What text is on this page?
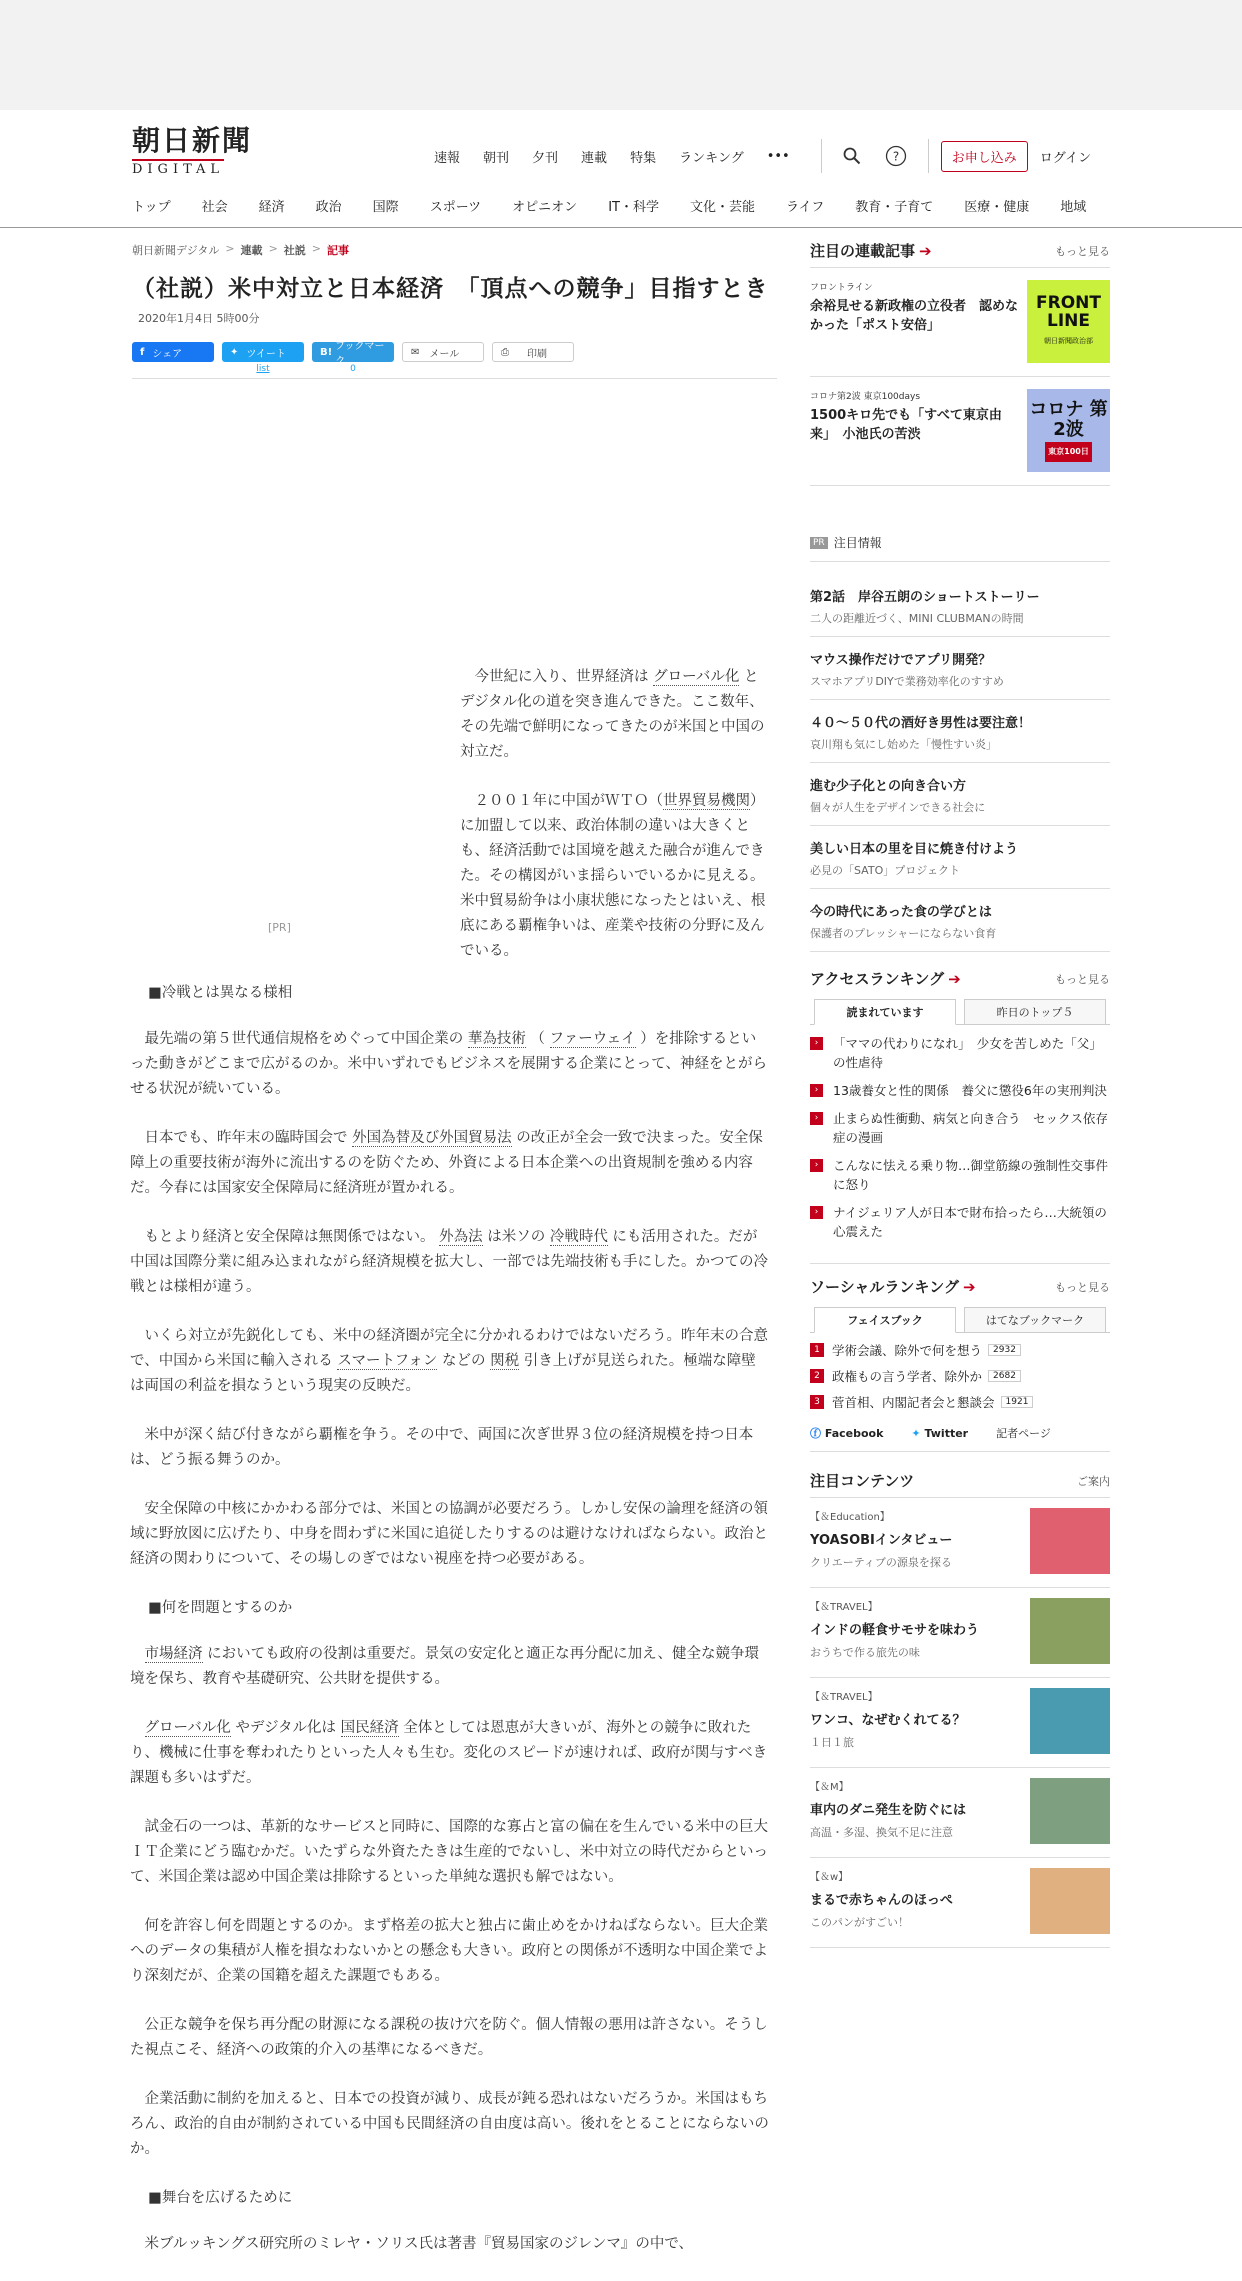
朝日新聞
DIGITAL
速報 朝刊 夕刊 連載 特集 ランキング •••	?	お申し込み	ログイン
トップ 社会 経済 政治 国際 スポーツ オピニオン IT・科学 文化・芸能 ライフ 教育・子育て 医療・健康 地域
朝日新聞デジタル > 連載 > 社説 > 記事
（社説）米中対立と日本経済　「頂点への競争」目指すとき
2020年1月4日 5時00分
f シェア	✦ ツイート
list
B! ブックマーク
0
✉ メール	⎙ 印刷
[PR]

今世紀に入り、世界経済は グローバル化 とデジタル化の道を突き進んできた。ここ数年、その先端で鮮明になってきたのが米国と中国の対立だ。

２００１年に中国がＷＴＯ（世界貿易機関）に加盟して以来、政治体制の違いは大きくとも、経済活動では国境を越えた融合が進んできた。その構図がいま揺らいでいるかに見える。米中貿易紛争は小康状態になったとはいえ、根底にある覇権争いは、産業や技術の分野に及んでいる。

■冷戦とは異なる様相

最先端の第５世代通信規格をめぐって中国企業の 華為技術 （ ファーウェイ ）を排除するといった動きがどこまで広がるのか。米中いずれでもビジネスを展開する企業にとって、神経をとがらせる状況が続いている。

日本でも、昨年末の臨時国会で 外国為替及び外国貿易法 の改正が全会一致で決まった。安全保障上の重要技術が海外に流出するのを防ぐため、外資による日本企業への出資規制を強める内容だ。今春には国家安全保障局に経済班が置かれる。

もとより経済と安全保障は無関係ではない。 外為法 は米ソの 冷戦時代 にも活用された。だが中国は国際分業に組み込まれながら経済規模を拡大し、一部では先端技術も手にした。かつての冷戦とは様相が違う。

いくら対立が先鋭化しても、米中の経済圏が完全に分かれるわけではないだろう。昨年末の合意で、中国から米国に輸入される スマートフォン などの 関税 引き上げが見送られた。極端な障壁は両国の利益を損なうという現実の反映だ。

米中が深く結び付きながら覇権を争う。その中で、両国に次ぎ世界３位の経済規模を持つ日本は、どう振る舞うのか。

安全保障の中核にかかわる部分では、米国との協調が必要だろう。しかし安保の論理を経済の領域に野放図に広げたり、中身を問わずに米国に追従したりするのは避けなければならない。政治と経済の関わりについて、その場しのぎではない視座を持つ必要がある。

■何を問題とするのか

市場経済 においても政府の役割は重要だ。景気の安定化と適正な再分配に加え、健全な競争環境を保ち、教育や基礎研究、公共財を提供する。

グローバル化 やデジタル化は 国民経済 全体としては恩恵が大きいが、海外との競争に敗れたり、機械に仕事を奪われたりといった人々も生む。変化のスピードが速ければ、政府が関与すべき課題も多いはずだ。

試金石の一つは、革新的なサービスと同時に、国際的な寡占と富の偏在を生んでいる米中の巨大ＩＴ企業にどう臨むかだ。いたずらな外資たたきは生産的でないし、米中対立の時代だからといって、米国企業は認め中国企業は排除するといった単純な選択も解ではない。

何を許容し何を問題とするのか。まず格差の拡大と独占に歯止めをかけねばならない。巨大企業へのデータの集積が人権を損なわないかとの懸念も大きい。政府との関係が不透明な中国企業でより深刻だが、企業の国籍を超えた課題でもある。

公正な競争を保ち再分配の財源になる課税の抜け穴を防ぐ。個人情報の悪用は許さない。そうした視点こそ、経済への政策的介入の基準になるべきだ。

企業活動に制約を加えると、日本での投資が減り、成長が鈍る恐れはないだろうか。米国はもちろん、政治的自由が制約されている中国も民間経済の自由度は高い。後れをとることにならないのか。

■舞台を広げるために

米ブルッキングス研究所のミレヤ・ソリス氏は著書『貿易国家のジレンマ』の中で、

注目の連載記事 ➔	もっと見る
フロントライン
余裕見せる新政権の立役者　認めなかった「ポスト安倍」
FRONT LINE
朝日新聞政治部
コロナ第2波 東京100days
1500キロ先でも「すべて東京由来」　小池氏の苦渋
コロナ 第2波
東京100日
PR 注目情報
第2話　岸谷五朗のショートストーリー
二人の距離近づく、MINI CLUBMANの時間
マウス操作だけでアプリ開発？
スマホアプリDIYで業務効率化のすすめ
４０～５０代の酒好き男性は要注意！
哀川翔も気にし始めた「慢性すい炎」
進む少子化との向き合い方
個々が人生をデザインできる社会に
美しい日本の里を目に焼き付けよう
必見の「SATO」プロジェクト
今の時代にあった食の学びとは
保護者のプレッシャーにならない食育
アクセスランキング ➔	もっと見る
読まれています	昨日のトップ５
›	「ママの代わりになれ」　少女を苦しめた「父」の性虐待
›	13歳養女と性的関係　養父に懲役6年の実刑判決
›	止まらぬ性衝動、病気と向き合う　セックス依存症の漫画
›	こんなに怯える乗り物…御堂筋線の強制性交事件に怒り
›	ナイジェリア人が日本で財布拾ったら…大統領の心震えた
ソーシャルランキング ➔	もっと見る
フェイスブック	はてなブックマーク
1 学術会議、除外で何を想う	2932
2 政権もの言う学者、除外か	2682
3 菅首相、内閣記者会と懇談会	1921
ⓕ Facebook	✦ Twitter	記者ページ
注目コンテンツ	ご案内
【＆Education】
YOASOBIインタビュー
クリエーティブの源泉を探る
【＆TRAVEL】
インドの軽食サモサを味わう
おうちで作る旅先の味
【＆TRAVEL】
ワンコ、なぜむくれてる？
１日１旅
【＆M】
車内のダニ発生を防ぐには
高温・多湿、換気不足に注意
【＆w】
まるで赤ちゃんのほっぺ
このパンがすごい！
